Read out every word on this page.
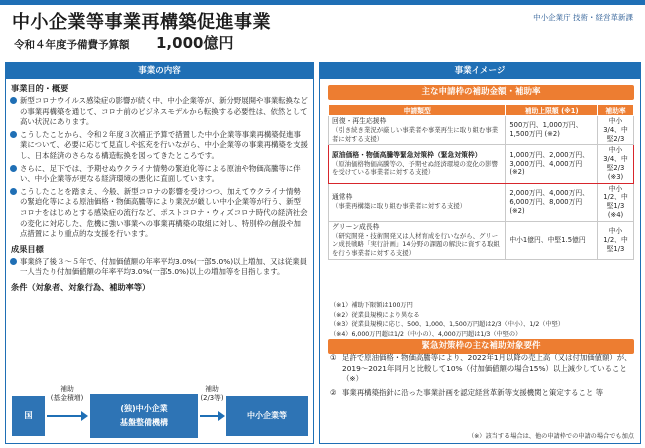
中小企業等事業再構築促進事業
令和４年度予備費予算額 1,000億円
中小企業庁 技術・経営革新課
事業の内容
事業目的・概要
新型コロナウイルス感染症の影響が続く中、中小企業等が、新分野展開や事業転換などの事業再構築を通じて、コロナ前のビジネスモデルから転換する必要性は、依然として高い状況にあります。
こうしたことから、令和２年度３次補正予算で措置した中小企業等事業再構築促進事業について、必要に応じて見直しや拡充を行いながら、中小企業等の事業再構築を支援し、日本経済のさらなる構造転換を図ってきたところです。
さらに、足下では、予期せぬウクライナ情勢の緊迫化等による原油や物価高騰等に伴い、中小企業等が更なる経済環境の悪化に直面しています。
こうしたことを踏まえ、今般、新型コロナの影響を受けつつ、加えてウクライナ情勢の緊迫化等による原油価格・物価高騰等により業況が厳しい中小企業等が行う、新型コロナをはじめとする感染症の流行など、ポストコロナ・ウィズコロナ時代の経済社会の変化に対応した、危機に強い事業への事業再構築の取組に対し、特別枠の創設や加点措置により重点的な支援を行います。
成果目標
事業終了後３～５年で、付加価値額の年率平均3.0%(一部5.0%)以上増加、又は従業員一人当たり付加価値額の年率平均3.0%(一部5.0%)以上の増加等を目指します。
条件（対象者、対象行為、補助率等）
国
補助
(基金積増)
(独)中小企業
基盤整備機構
補助
(2/3等)
中小企業等
事業イメージ
主な申請枠の補助金額・補助率
申請類型	補助上限額 (※1)	補助率

回復・再生応援枠
（引き続き業況が厳しい事業者や事業再生に取り組む事業者に対する支援）	500万円、1,000万円、1,500万円 (※2)	中小3/4、中堅2/3

原油価格・物価高騰等緊急対策枠（緊急対策枠）
（原油価格物価高騰等の、予期せぬ経済環境の変化の影響を受けている事業者に対する支援）	1,000万円、2,000万円、3,000万円、4,000万円 (※2)	中小3/4、中堅2/3 (※3)

通常枠
（事業再構築に取り組む事業者に対する支援）	2,000万円、4,000万円、6,000万円、8,000万円 (※2)	中小1/2、中堅1/3 (※4)

グリーン成長枠
（研究開発・技術開発又は人材育成を行いながら、グリーン成長戦略「実行計画」14分野の課題の解決に資する取組を行う事業者に対する支援）	中小1億円、中堅1.5億円	中小1/2、中堅1/3
（※1）補助下限額は100万円
（※2）従業員規模により異なる
（※3）従業員規模に応じ、500、1,000、1,500万円超は2/3（中小）、1/2（中堅）
（※4）6,000万円超は1/2（中小の）、4,000万円超は1/3（中堅の）
緊急対策枠の主な補助対象要件
① 足許で原油価格・物価高騰等により、2022年1月以降の売上高（又は付加価値額）が、2019～2021年同月と比較して10%（付加価値額の場合15%）以上減少していること（※）
② 事業再構築指針に沿った事業計画を認定経営革新等支援機関と策定すること 等
（※）該当する場合は、他の申請枠での申請の場合でも加点
